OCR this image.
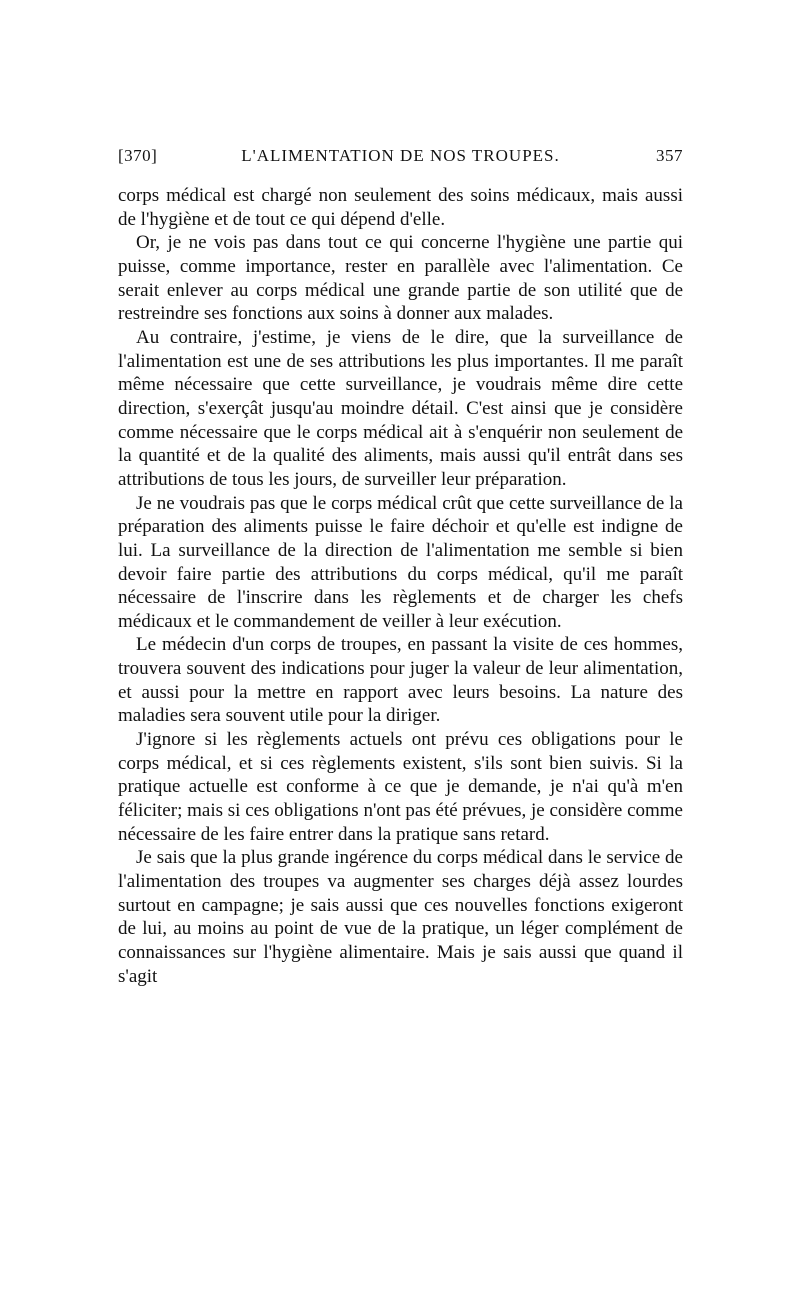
[370]	L'ALIMENTATION DE NOS TROUPES.	357

corps médical est chargé non seulement des soins médicaux, mais aussi de l'hygiène et de tout ce qui dépend d'elle.

Or, je ne vois pas dans tout ce qui concerne l'hygiène une partie qui puisse, comme importance, rester en parallèle avec l'alimentation. Ce serait enlever au corps médical une grande partie de son utilité que de restreindre ses fonctions aux soins à donner aux malades.

Au contraire, j'estime, je viens de le dire, que la surveillance de l'alimentation est une de ses attributions les plus importantes. Il me paraît même nécessaire que cette surveillance, je voudrais même dire cette direction, s'exerçât jusqu'au moindre détail. C'est ainsi que je considère comme nécessaire que le corps médical ait à s'enquérir non seulement de la quantité et de la qualité des aliments, mais aussi qu'il entrât dans ses attributions de tous les jours, de surveiller leur préparation.

Je ne voudrais pas que le corps médical crût que cette surveillance de la préparation des aliments puisse le faire déchoir et qu'elle est indigne de lui. La surveillance de la direction de l'alimentation me semble si bien devoir faire partie des attributions du corps médical, qu'il me paraît nécessaire de l'inscrire dans les règlements et de charger les chefs médicaux et le commandement de veiller à leur exécution.

Le médecin d'un corps de troupes, en passant la visite de ces hommes, trouvera souvent des indications pour juger la valeur de leur alimentation, et aussi pour la mettre en rapport avec leurs besoins. La nature des maladies sera souvent utile pour la diriger.

J'ignore si les règlements actuels ont prévu ces obligations pour le corps médical, et si ces règlements existent, s'ils sont bien suivis. Si la pratique actuelle est conforme à ce que je demande, je n'ai qu'à m'en féliciter; mais si ces obligations n'ont pas été prévues, je considère comme nécessaire de les faire entrer dans la pratique sans retard.

Je sais que la plus grande ingérence du corps médical dans le service de l'alimentation des troupes va augmenter ses charges déjà assez lourdes surtout en campagne; je sais aussi que ces nouvelles fonctions exigeront de lui, au moins au point de vue de la pratique, un léger complément de connaissances sur l'hygiène alimentaire. Mais je sais aussi que quand il s'agit
